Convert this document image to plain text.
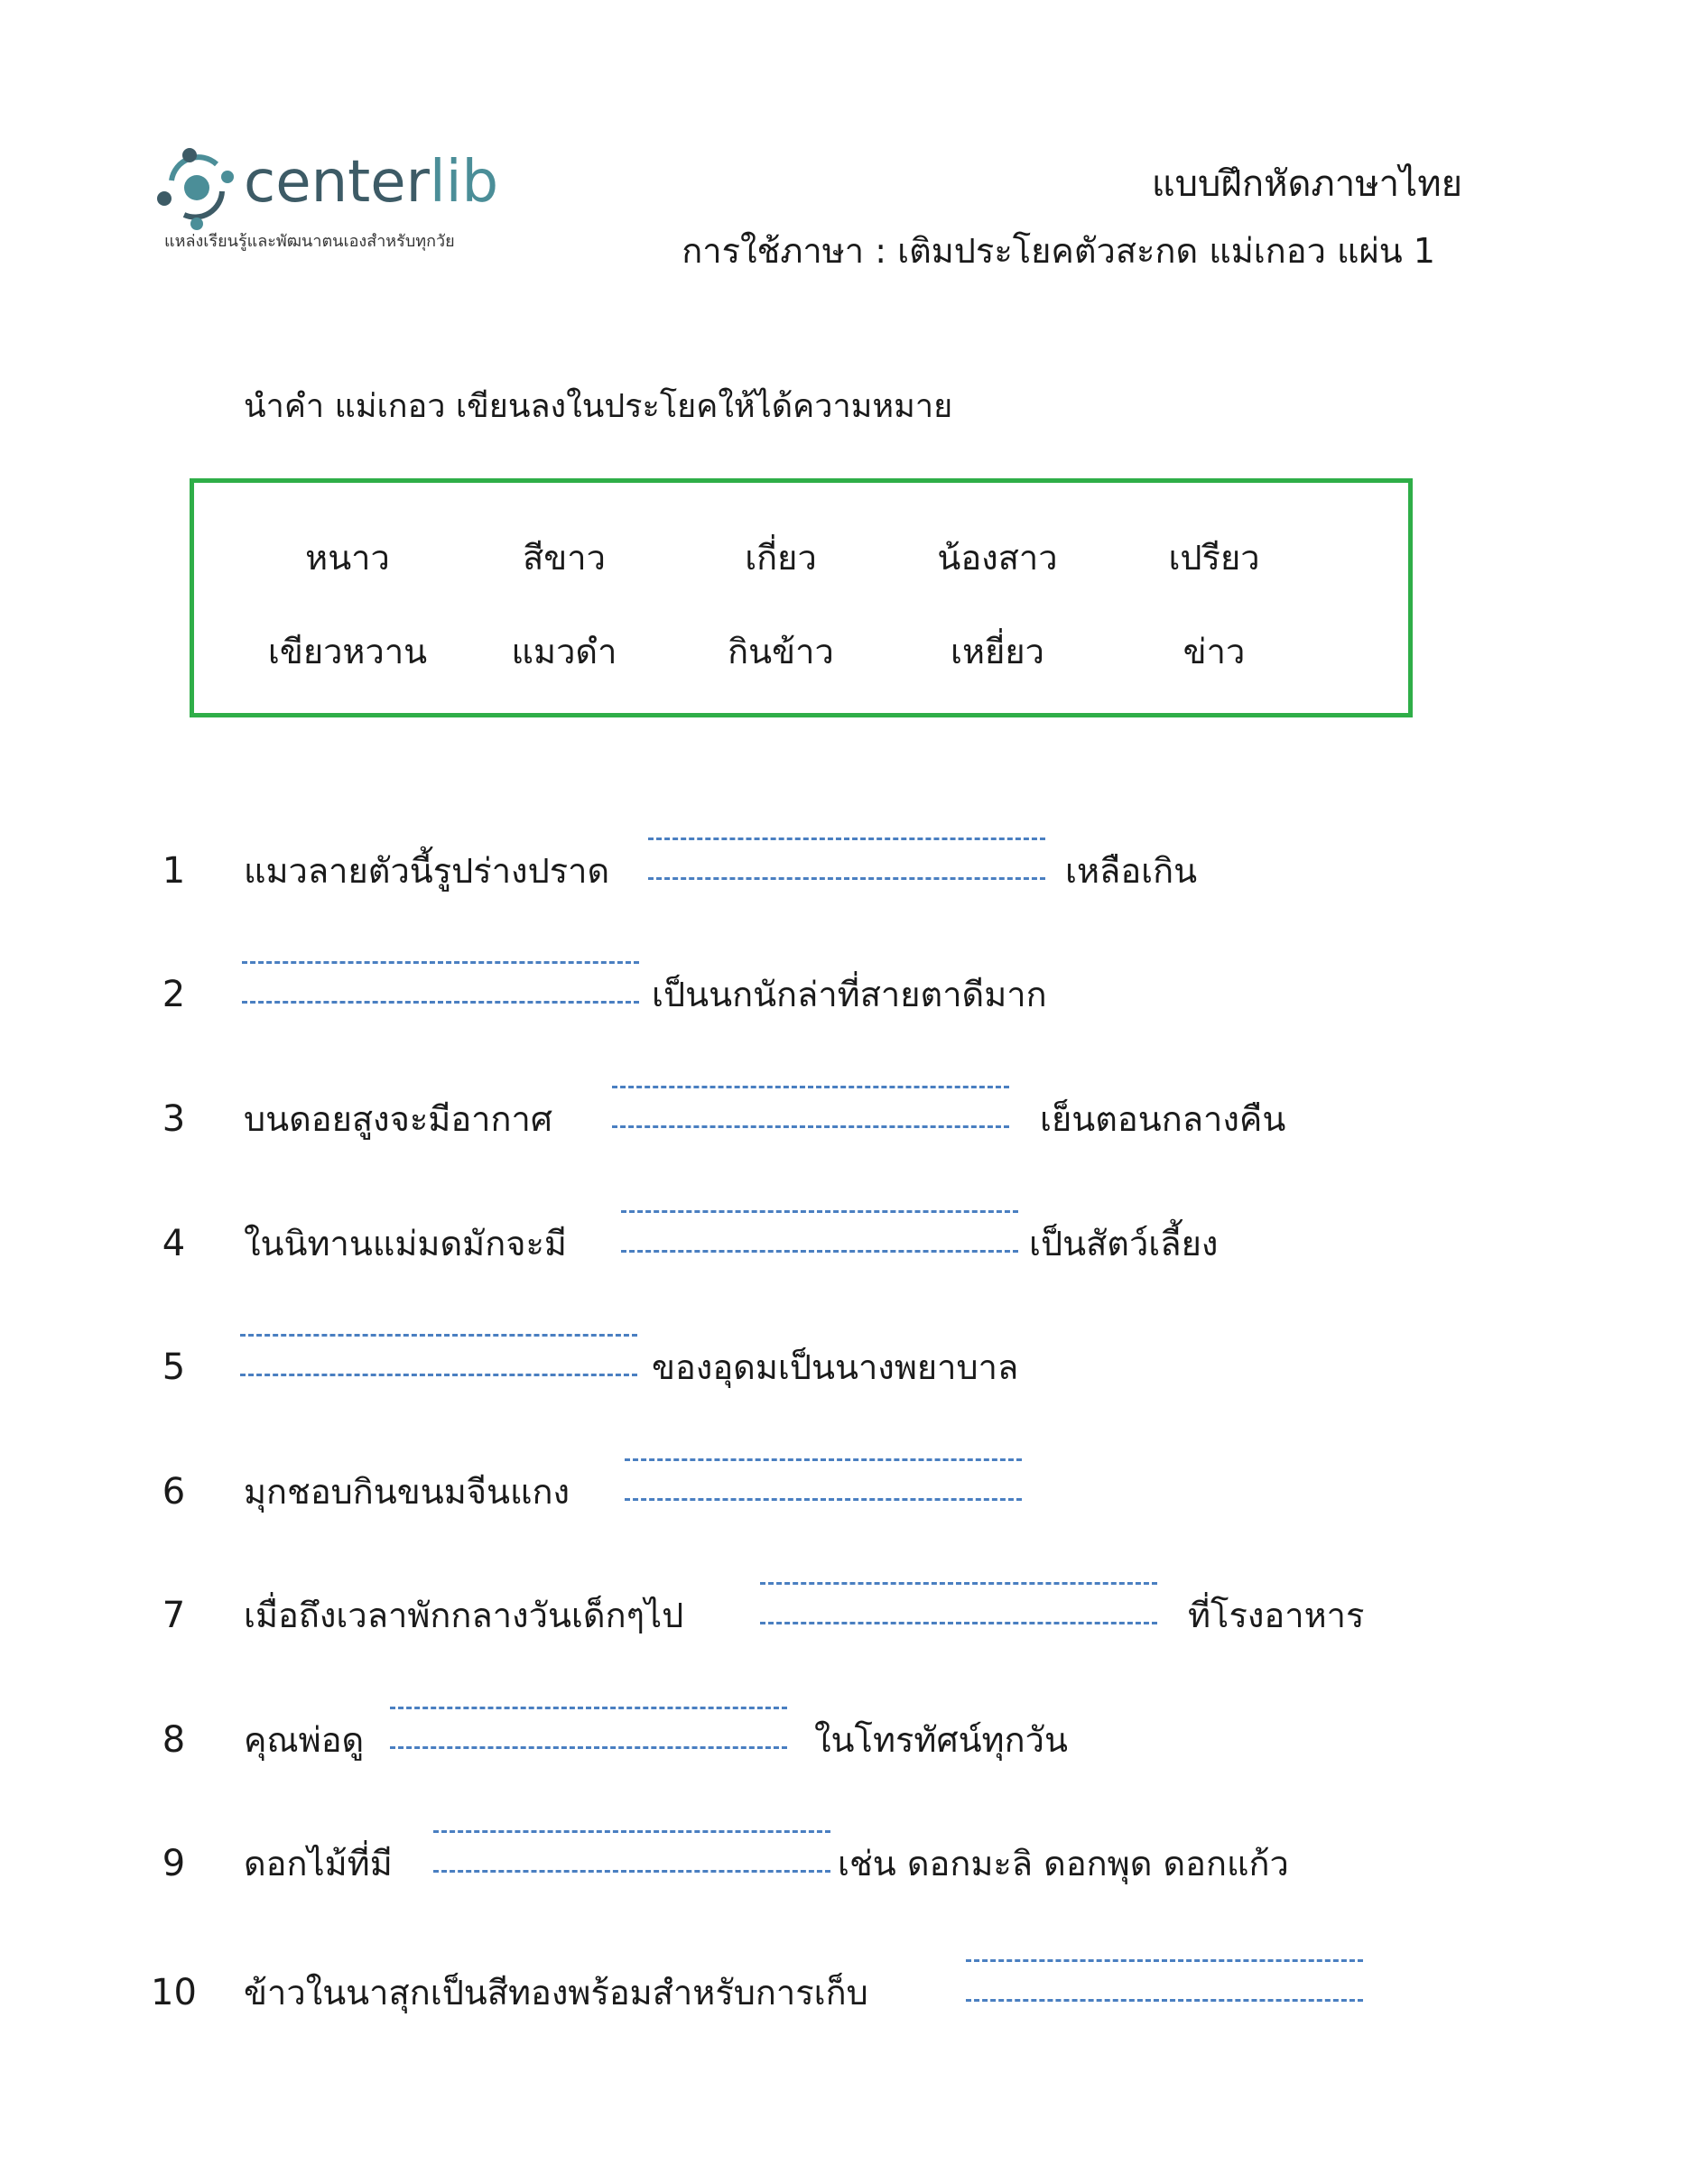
centerlib
แหล่งเรียนรู้และพัฒนาตนเองสำหรับทุกวัย
แบบฝึกหัดภาษาไทย
การใช้ภาษา : เติมประโยคตัวสะกด แม่เกอว แผ่น 1
นำคำ แม่เกอว เขียนลงในประโยคให้ได้ความหมาย
หนาว	สีขาว	เกี่ยว	น้องสาว	เปรียว
เขียวหวาน	แมวดำ	กินข้าว	เหยี่ยว	ข่าว
1	แมวลายตัวนี้รูปร่างปราด	เหลือเกิน
2	เป็นนกนักล่าที่สายตาดีมาก
3	บนดอยสูงจะมีอากาศ	เย็นตอนกลางคืน
4	ในนิทานแม่มดมักจะมี	เป็นสัตว์เลี้ยง
5	ของอุดมเป็นนางพยาบาล
6	มุกชอบกินขนมจีนแกง
7	เมื่อถึงเวลาพักกลางวันเด็กๆไป	ที่โรงอาหาร
8	คุณพ่อดู	ในโทรทัศน์ทุกวัน
9	ดอกไม้ที่มี	เช่น ดอกมะลิ ดอกพุด ดอกแก้ว
10 ข้าวในนาสุกเป็นสีทองพร้อมสำหรับการเก็บ
